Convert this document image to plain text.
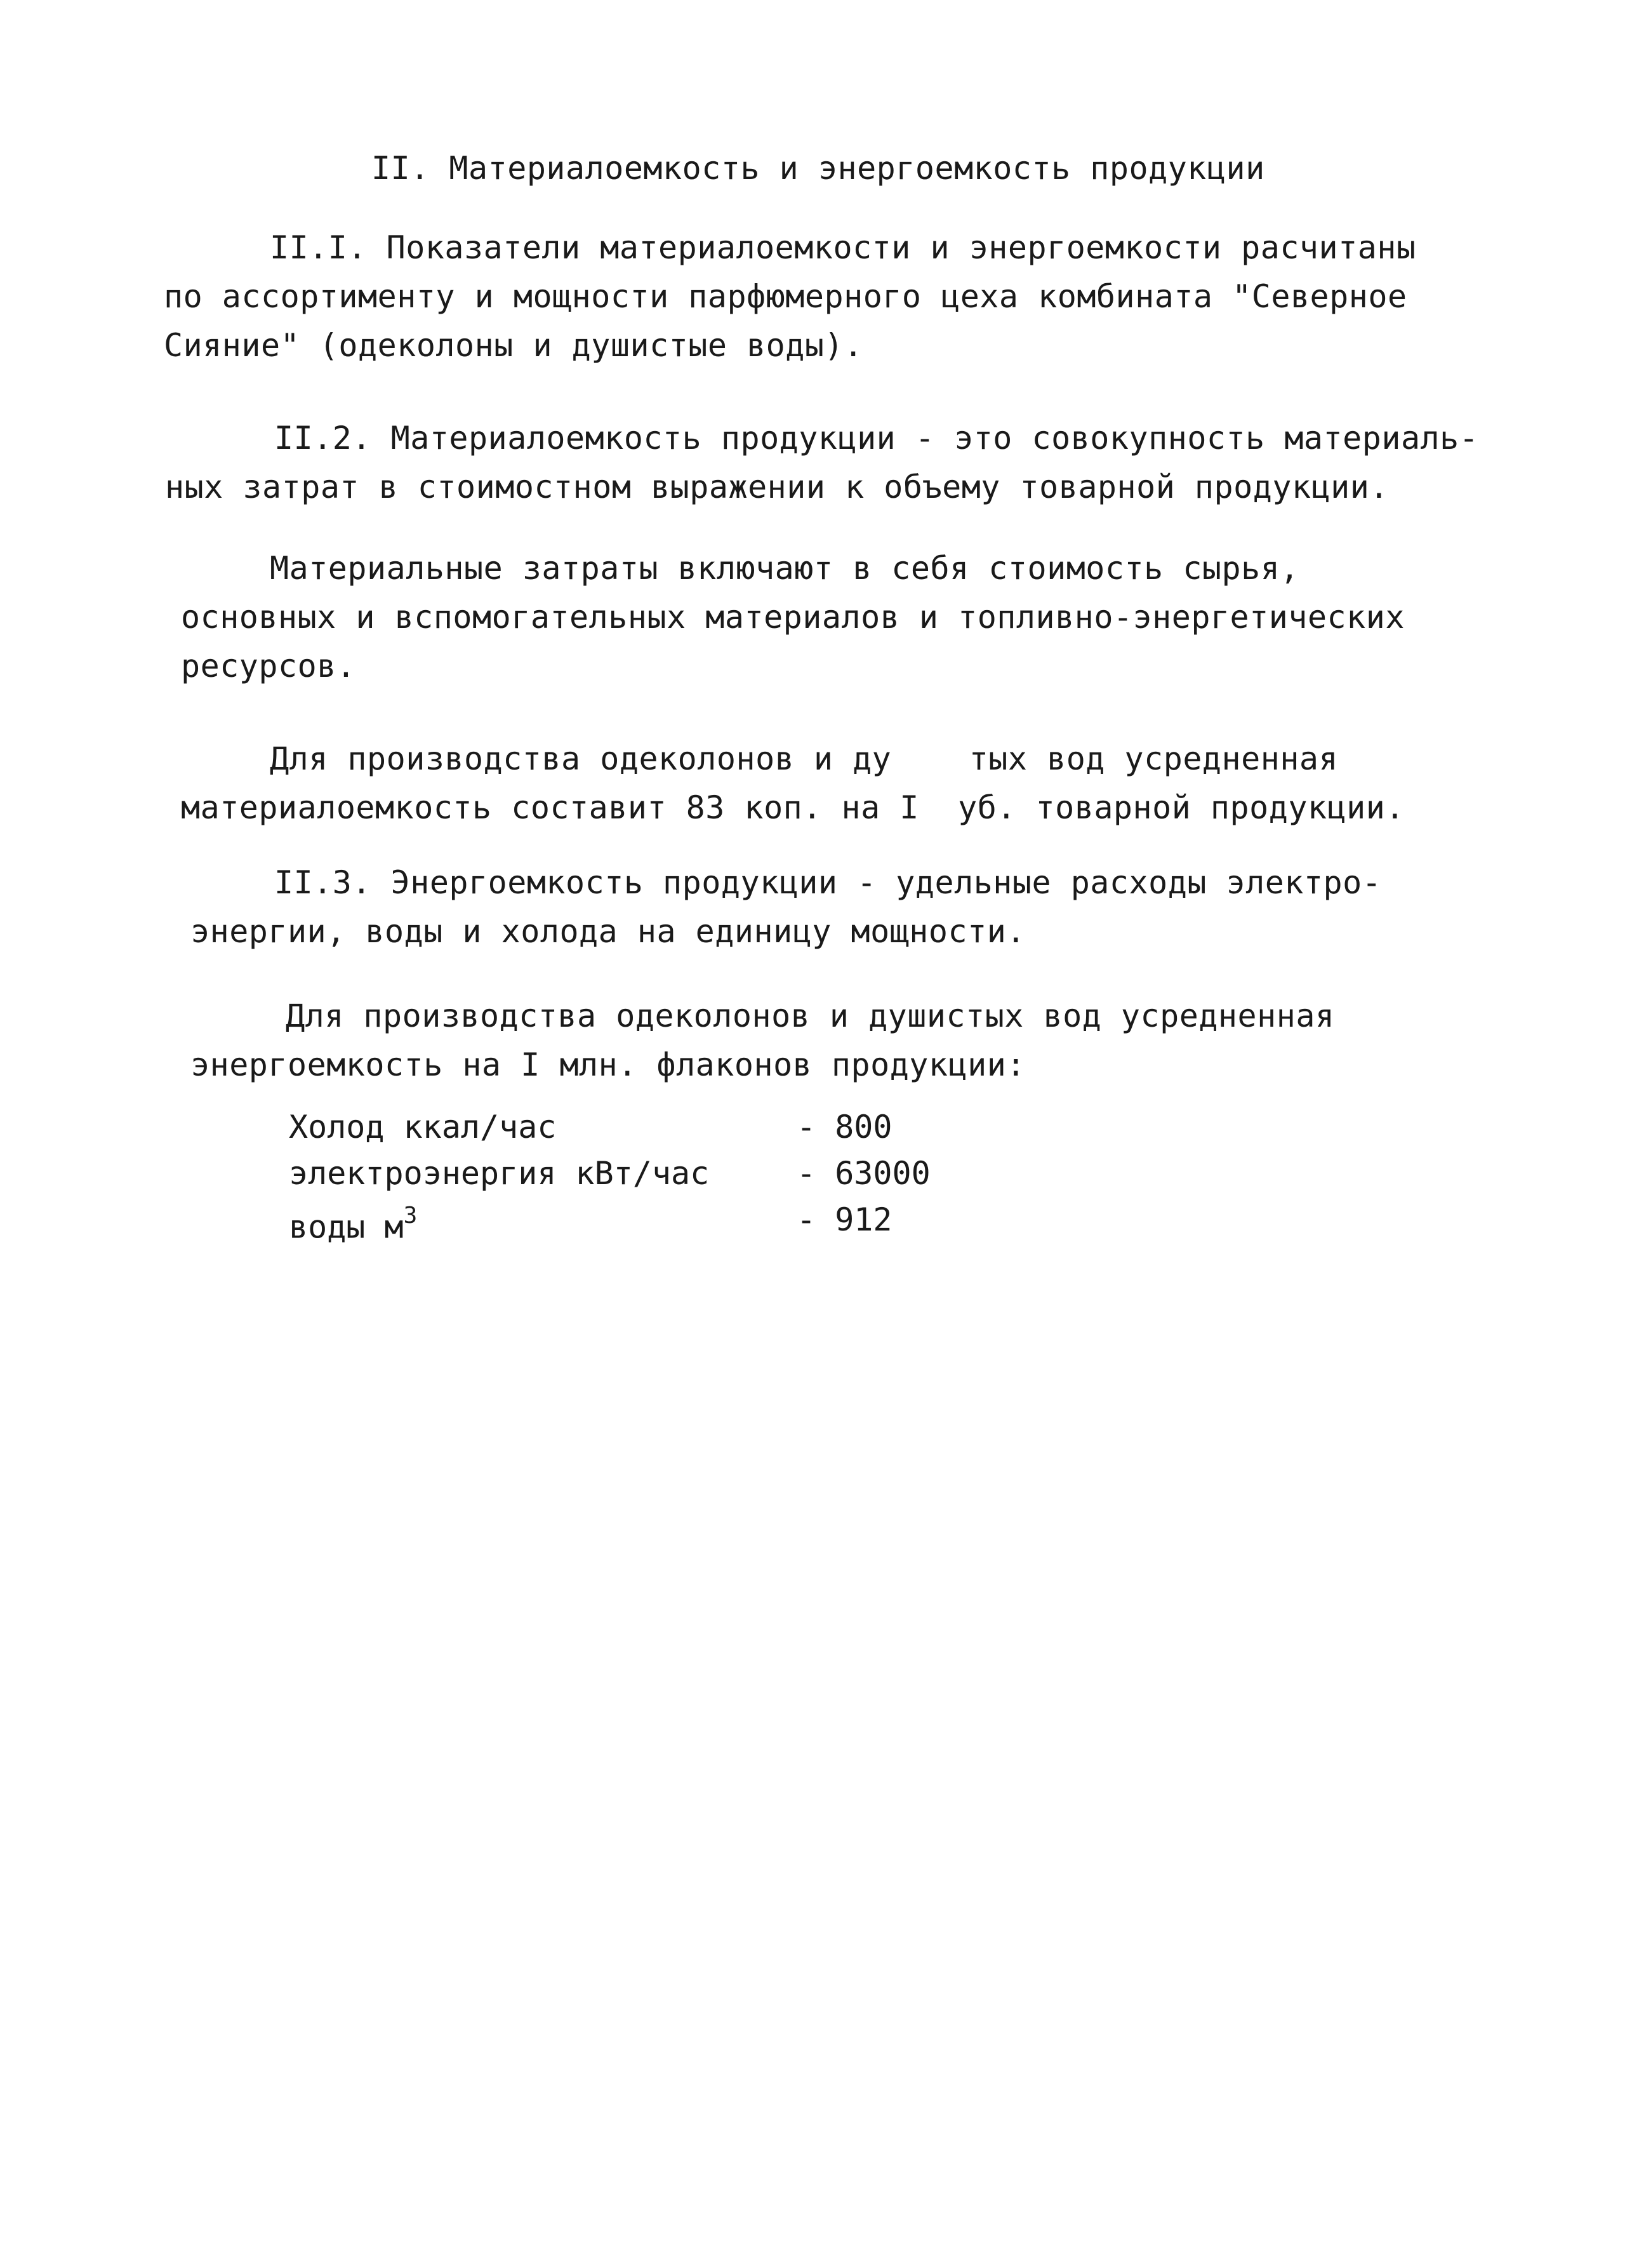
II. Материалоемкость и энергоемкость продукции
II.I. Показатели материалоемкости и энергоемкости расчитаны
по ассортименту и мощности парфюмерного цеха комбината "Северное
Сияние" (одеколоны и душистые воды).
II.2. Материалоемкость продукции - это совокупность материаль-
ных затрат в стоимостном выражении к объему товарной продукции.
Материальные затраты включают в себя стоимость сырья,
основных и вспомогательных материалов и топливно-энергетических
ресурсов.
Для производства одеколонов и ду    тых вод усредненная
материалоемкость составит 83 коп. на I  уб. товарной продукции.
II.3. Энергоемкость продукции - удельные расходы электро-
энергии, воды и холода на единицу мощности.
Для производства одеколонов и душистых вод усредненная
энергоемкость на I млн. флаконов продукции:
Холод ккал/час	- 800
электроэнергия кВт/час	- 63000
воды $м^3$	- 912
